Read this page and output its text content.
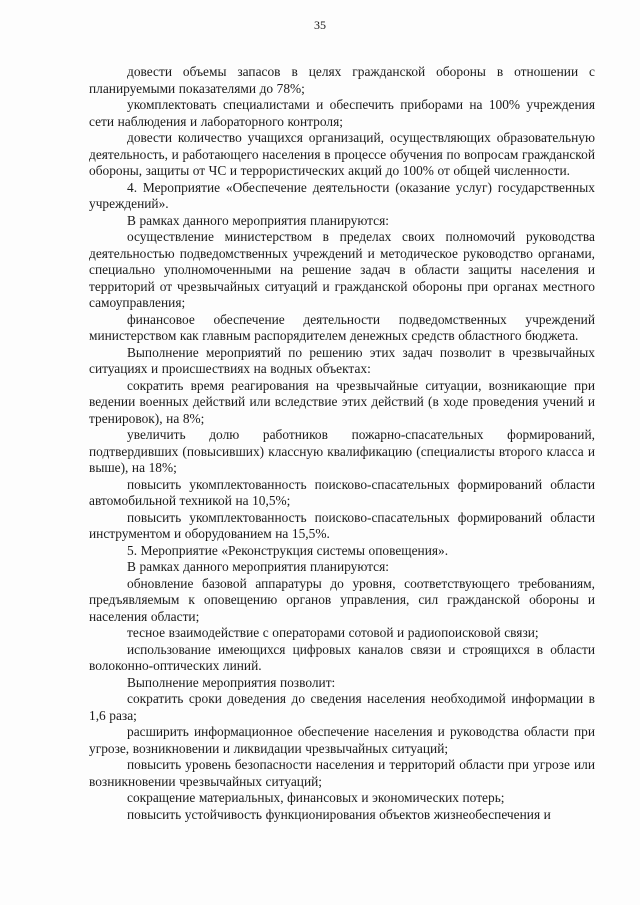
35

довести объемы запасов в целях гражданской обороны в отношении с планируемыми показателями до 78%;

укомплектовать специалистами и обеспечить приборами на 100% учреждения сети наблюдения и лабораторного контроля;

довести количество учащихся организаций, осуществляющих образовательную деятельность, и работающего населения в процессе обучения по вопросам гражданской обороны, защиты от ЧС и террористических акций до 100% от общей численности.

4. Мероприятие «Обеспечение деятельности (оказание услуг) государственных учреждений».

В рамках данного мероприятия планируются:

осуществление министерством в пределах своих полномочий руководства деятельностью подведомственных учреждений и методическое руководство органами, специально уполномоченными на решение задач в области защиты населения и территорий от чрезвычайных ситуаций и гражданской обороны при органах местного самоуправления;

финансовое обеспечение деятельности подведомственных учреждений министерством как главным распорядителем денежных средств областного бюджета.

Выполнение мероприятий по решению этих задач позволит в чрезвычайных ситуациях и происшествиях на водных объектах:

сократить время реагирования на чрезвычайные ситуации, возникающие при ведении военных действий или вследствие этих действий (в ходе проведения учений и тренировок), на 8%;

увеличить долю работников пожарно-спасательных формирований, подтвердивших (повысивших) классную квалификацию (специалисты второго класса и выше), на 18%;

повысить укомплектованность поисково-спасательных формирований области автомобильной техникой на 10,5%;

повысить укомплектованность поисково-спасательных формирований области инструментом и оборудованием на 15,5%.

5. Мероприятие «Реконструкция системы оповещения».

В рамках данного мероприятия планируются:

обновление базовой аппаратуры до уровня, соответствующего требованиям, предъявляемым к оповещению органов управления, сил гражданской обороны и населения области;

тесное взаимодействие с операторами сотовой и радиопоисковой связи;

использование имеющихся цифровых каналов связи и строящихся в области волоконно-оптических линий.

Выполнение мероприятия позволит:

сократить сроки доведения до сведения населения необходимой информации в 1,6 раза;

расширить информационное обеспечение населения и руководства области при угрозе, возникновении и ликвидации чрезвычайных ситуаций;

повысить уровень безопасности населения и территорий области при угрозе или возникновении чрезвычайных ситуаций;

сокращение материальных, финансовых и экономических потерь;

повысить устойчивость функционирования объектов жизнеобеспечения и
